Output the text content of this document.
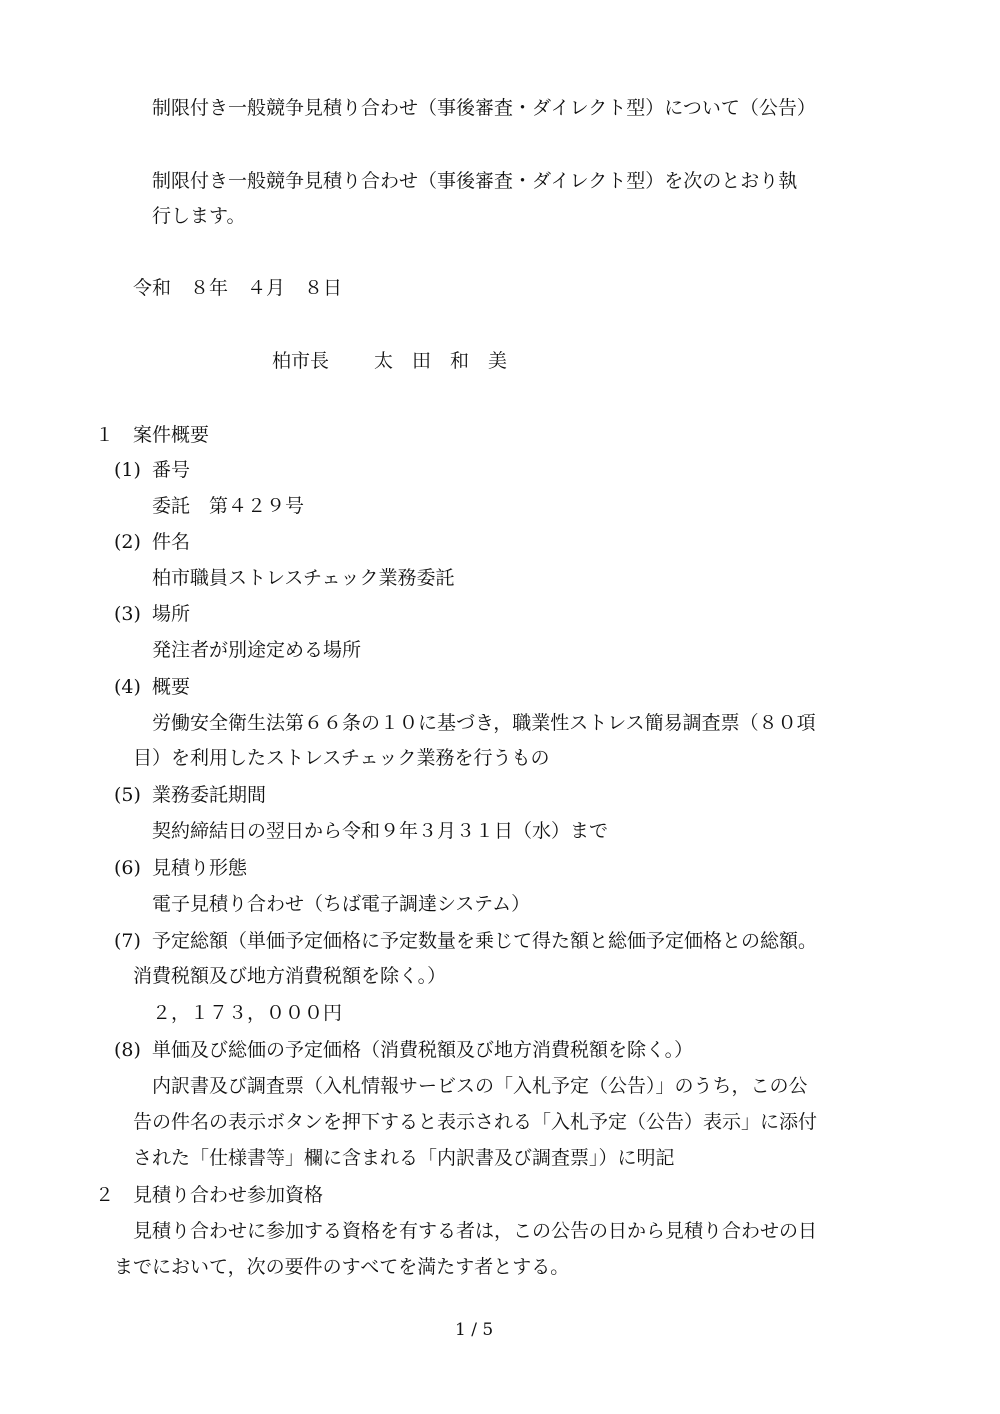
制限付き一般競争見積り合わせ（事後審査・ダイレクト型）について（公告）
制限付き一般競争見積り合わせ（事後審査・ダイレクト型）を次のとおり執
行します。
令和　８年　４月　８日
柏市長 太　田　和　美
１ 案件概要
(1) 番号
委託　第４２９号
(2) 件名
柏市職員ストレスチェック業務委託
(3) 場所
発注者が別途定める場所
(4) 概要
労働安全衛生法第６６条の１０に基づき，職業性ストレス簡易調査票（８０項
目）を利用したストレスチェック業務を行うもの
(5) 業務委託期間
契約締結日の翌日から令和９年３月３１日（水）まで
(6) 見積り形態
電子見積り合わせ（ちば電子調達システム）
(7) 予定総額（単価予定価格に予定数量を乗じて得た額と総価予定価格との総額。
消費税額及び地方消費税額を除く。）
２，１７３，０００円
(8) 単価及び総価の予定価格（消費税額及び地方消費税額を除く。）
内訳書及び調査票（入札情報サービスの「入札予定（公告）」のうち，この公
告の件名の表示ボタンを押下すると表示される「入札予定（公告）表示」に添付
された「仕様書等」欄に含まれる「内訳書及び調査票」）に明記
２ 見積り合わせ参加資格
見積り合わせに参加する資格を有する者は，この公告の日から見積り合わせの日
までにおいて，次の要件のすべてを満たす者とする。
1 / 5
